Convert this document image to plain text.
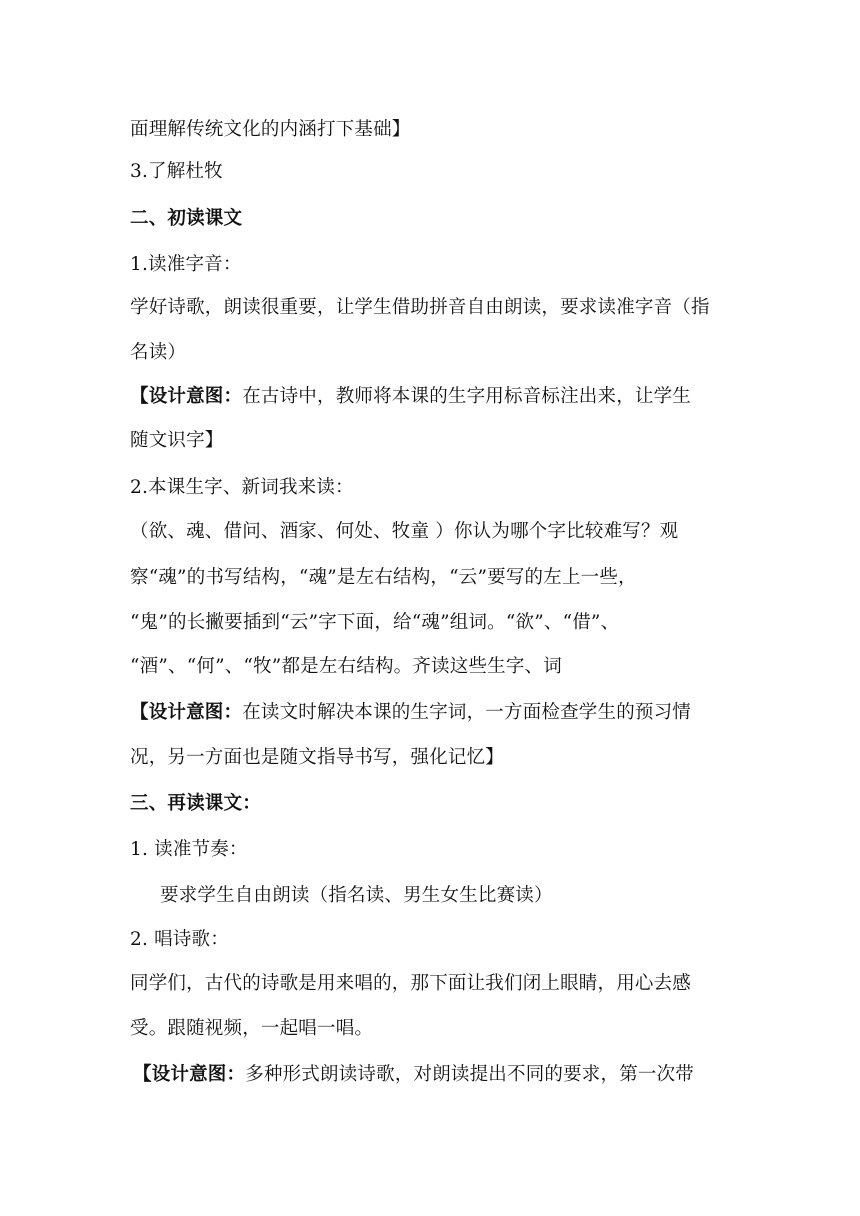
面理解传统文化的内涵打下基础】
3.了解杜牧
二、初读课文
1.读准字音：
学好诗歌，朗读很重要，让学生借助拼音自由朗读，要求读准字音（指
名读）
【设计意图：在古诗中，教师将本课的生字用标音标注出来，让学生
随文识字】
2.本课生字、新词我来读：
（欲、魂、借问、酒家、何处、牧童 ）你认为哪个字比较难写？观
察“魂”的书写结构，“魂”是左右结构，“云”要写的左上一些，
“鬼”的长撇要插到“云”字下面，给“魂”组词。“欲”、“借”、
“酒”、“何”、“牧”都是左右结构。齐读这些生字、词
【设计意图：在读文时解决本课的生字词，一方面检查学生的预习情
况，另一方面也是随文指导书写，强化记忆】
三、再读课文：
1. 读准节奏：
要求学生自由朗读（指名读、男生女生比赛读）
2. 唱诗歌：
同学们，古代的诗歌是用来唱的，那下面让我们闭上眼睛，用心去感
受。跟随视频，一起唱一唱。
【设计意图：多种形式朗读诗歌，对朗读提出不同的要求，第一次带
